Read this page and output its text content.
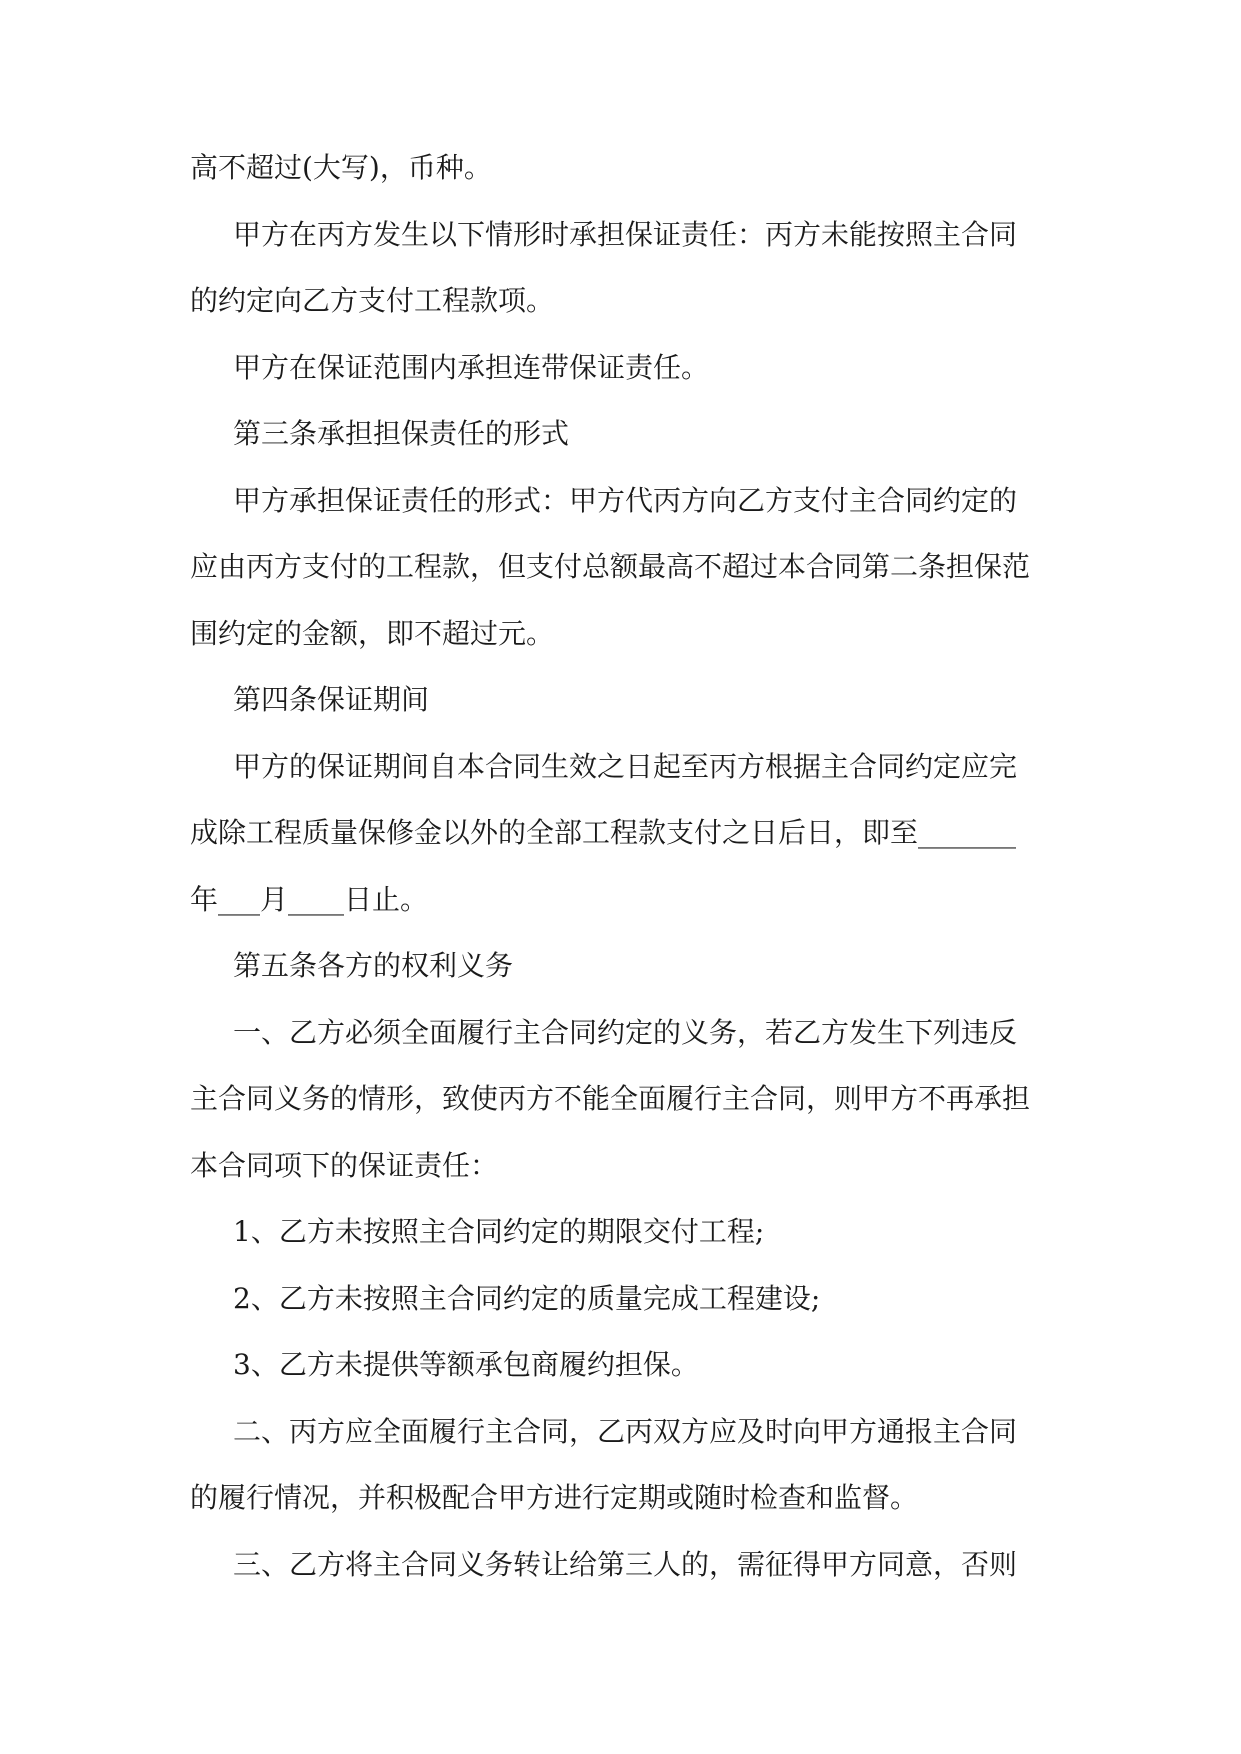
高不超过(大写)，币种。

甲方在丙方发生以下情形时承担保证责任：丙方未能按照主合同

的约定向乙方支付工程款项。

甲方在保证范围内承担连带保证责任。

第三条承担担保责任的形式

甲方承担保证责任的形式：甲方代丙方向乙方支付主合同约定的

应由丙方支付的工程款，但支付总额最高不超过本合同第二条担保范

围约定的金额，即不超过元。

第四条保证期间

甲方的保证期间自本合同生效之日起至丙方根据主合同约定应完

成除工程质量保修金以外的全部工程款支付之日后日，即至_______

年___月____日止。

第五条各方的权利义务

一、乙方必须全面履行主合同约定的义务，若乙方发生下列违反

主合同义务的情形，致使丙方不能全面履行主合同，则甲方不再承担

本合同项下的保证责任：

1、乙方未按照主合同约定的期限交付工程;

2、乙方未按照主合同约定的质量完成工程建设;

3、乙方未提供等额承包商履约担保。

二、丙方应全面履行主合同，乙丙双方应及时向甲方通报主合同

的履行情况，并积极配合甲方进行定期或随时检查和监督。

三、乙方将主合同义务转让给第三人的，需征得甲方同意，否则
